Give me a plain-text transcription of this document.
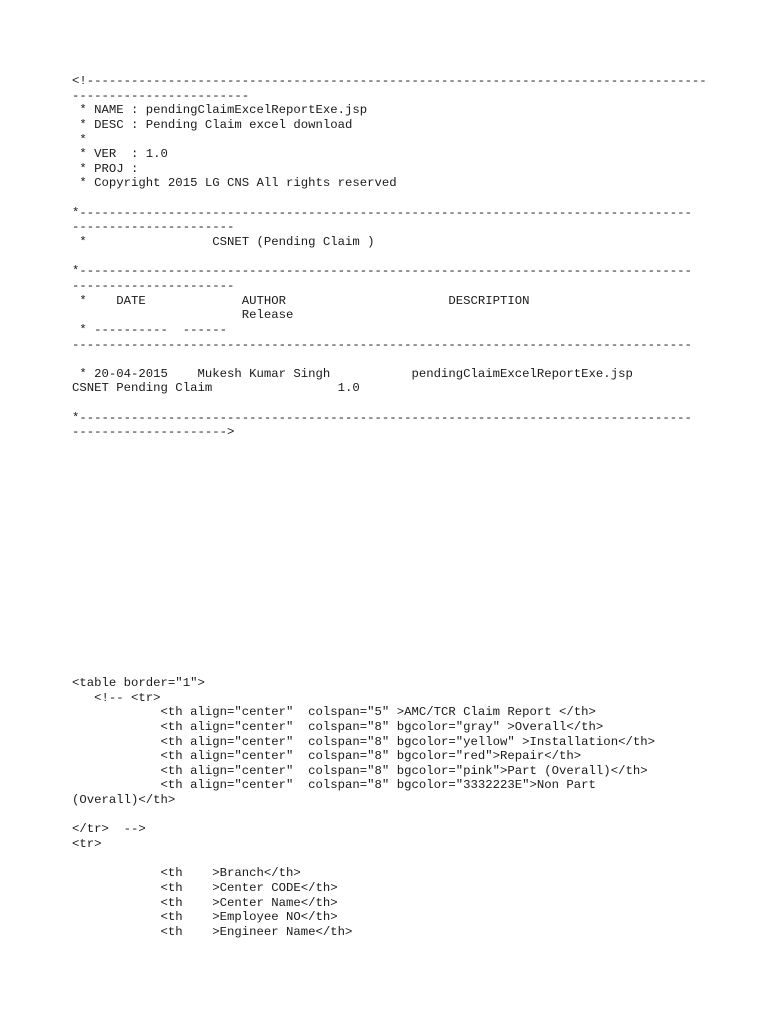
<!------------------------------------------------------------------------------------
------------------------
* NAME : pendingClaimExcelReportExe.jsp
* DESC : Pending Claim excel download
*
* VER  : 1.0
* PROJ :
* Copyright 2015 LG CNS All rights reserved
*-----------------------------------------------------------------------------------
----------------------
*                 CSNET (Pending Claim )
*-----------------------------------------------------------------------------------
----------------------
*    DATE             AUTHOR                      DESCRIPTION
Release
* ----------  ------
------------------------------------------------------------------------------------
* 20-04-2015    Mukesh Kumar Singh           pendingClaimExcelReportExe.jsp
CSNET Pending Claim                 1.0
*-----------------------------------------------------------------------------------
--------------------->
<table border="1">
<!-- <tr>
<th align="center"  colspan="5" >AMC/TCR Claim Report </th>
<th align="center"  colspan="8" bgcolor="gray" >Overall</th>
<th align="center"  colspan="8" bgcolor="yellow" >Installation</th>
<th align="center"  colspan="8" bgcolor="red">Repair</th>
<th align="center"  colspan="8" bgcolor="pink">Part (Overall)</th>
<th align="center"  colspan="8" bgcolor="3332223E">Non Part
(Overall)</th>
</tr>  -->
<tr>
<th    >Branch</th>
<th    >Center CODE</th>
<th    >Center Name</th>
<th    >Employee NO</th>
<th    >Engineer Name</th>
